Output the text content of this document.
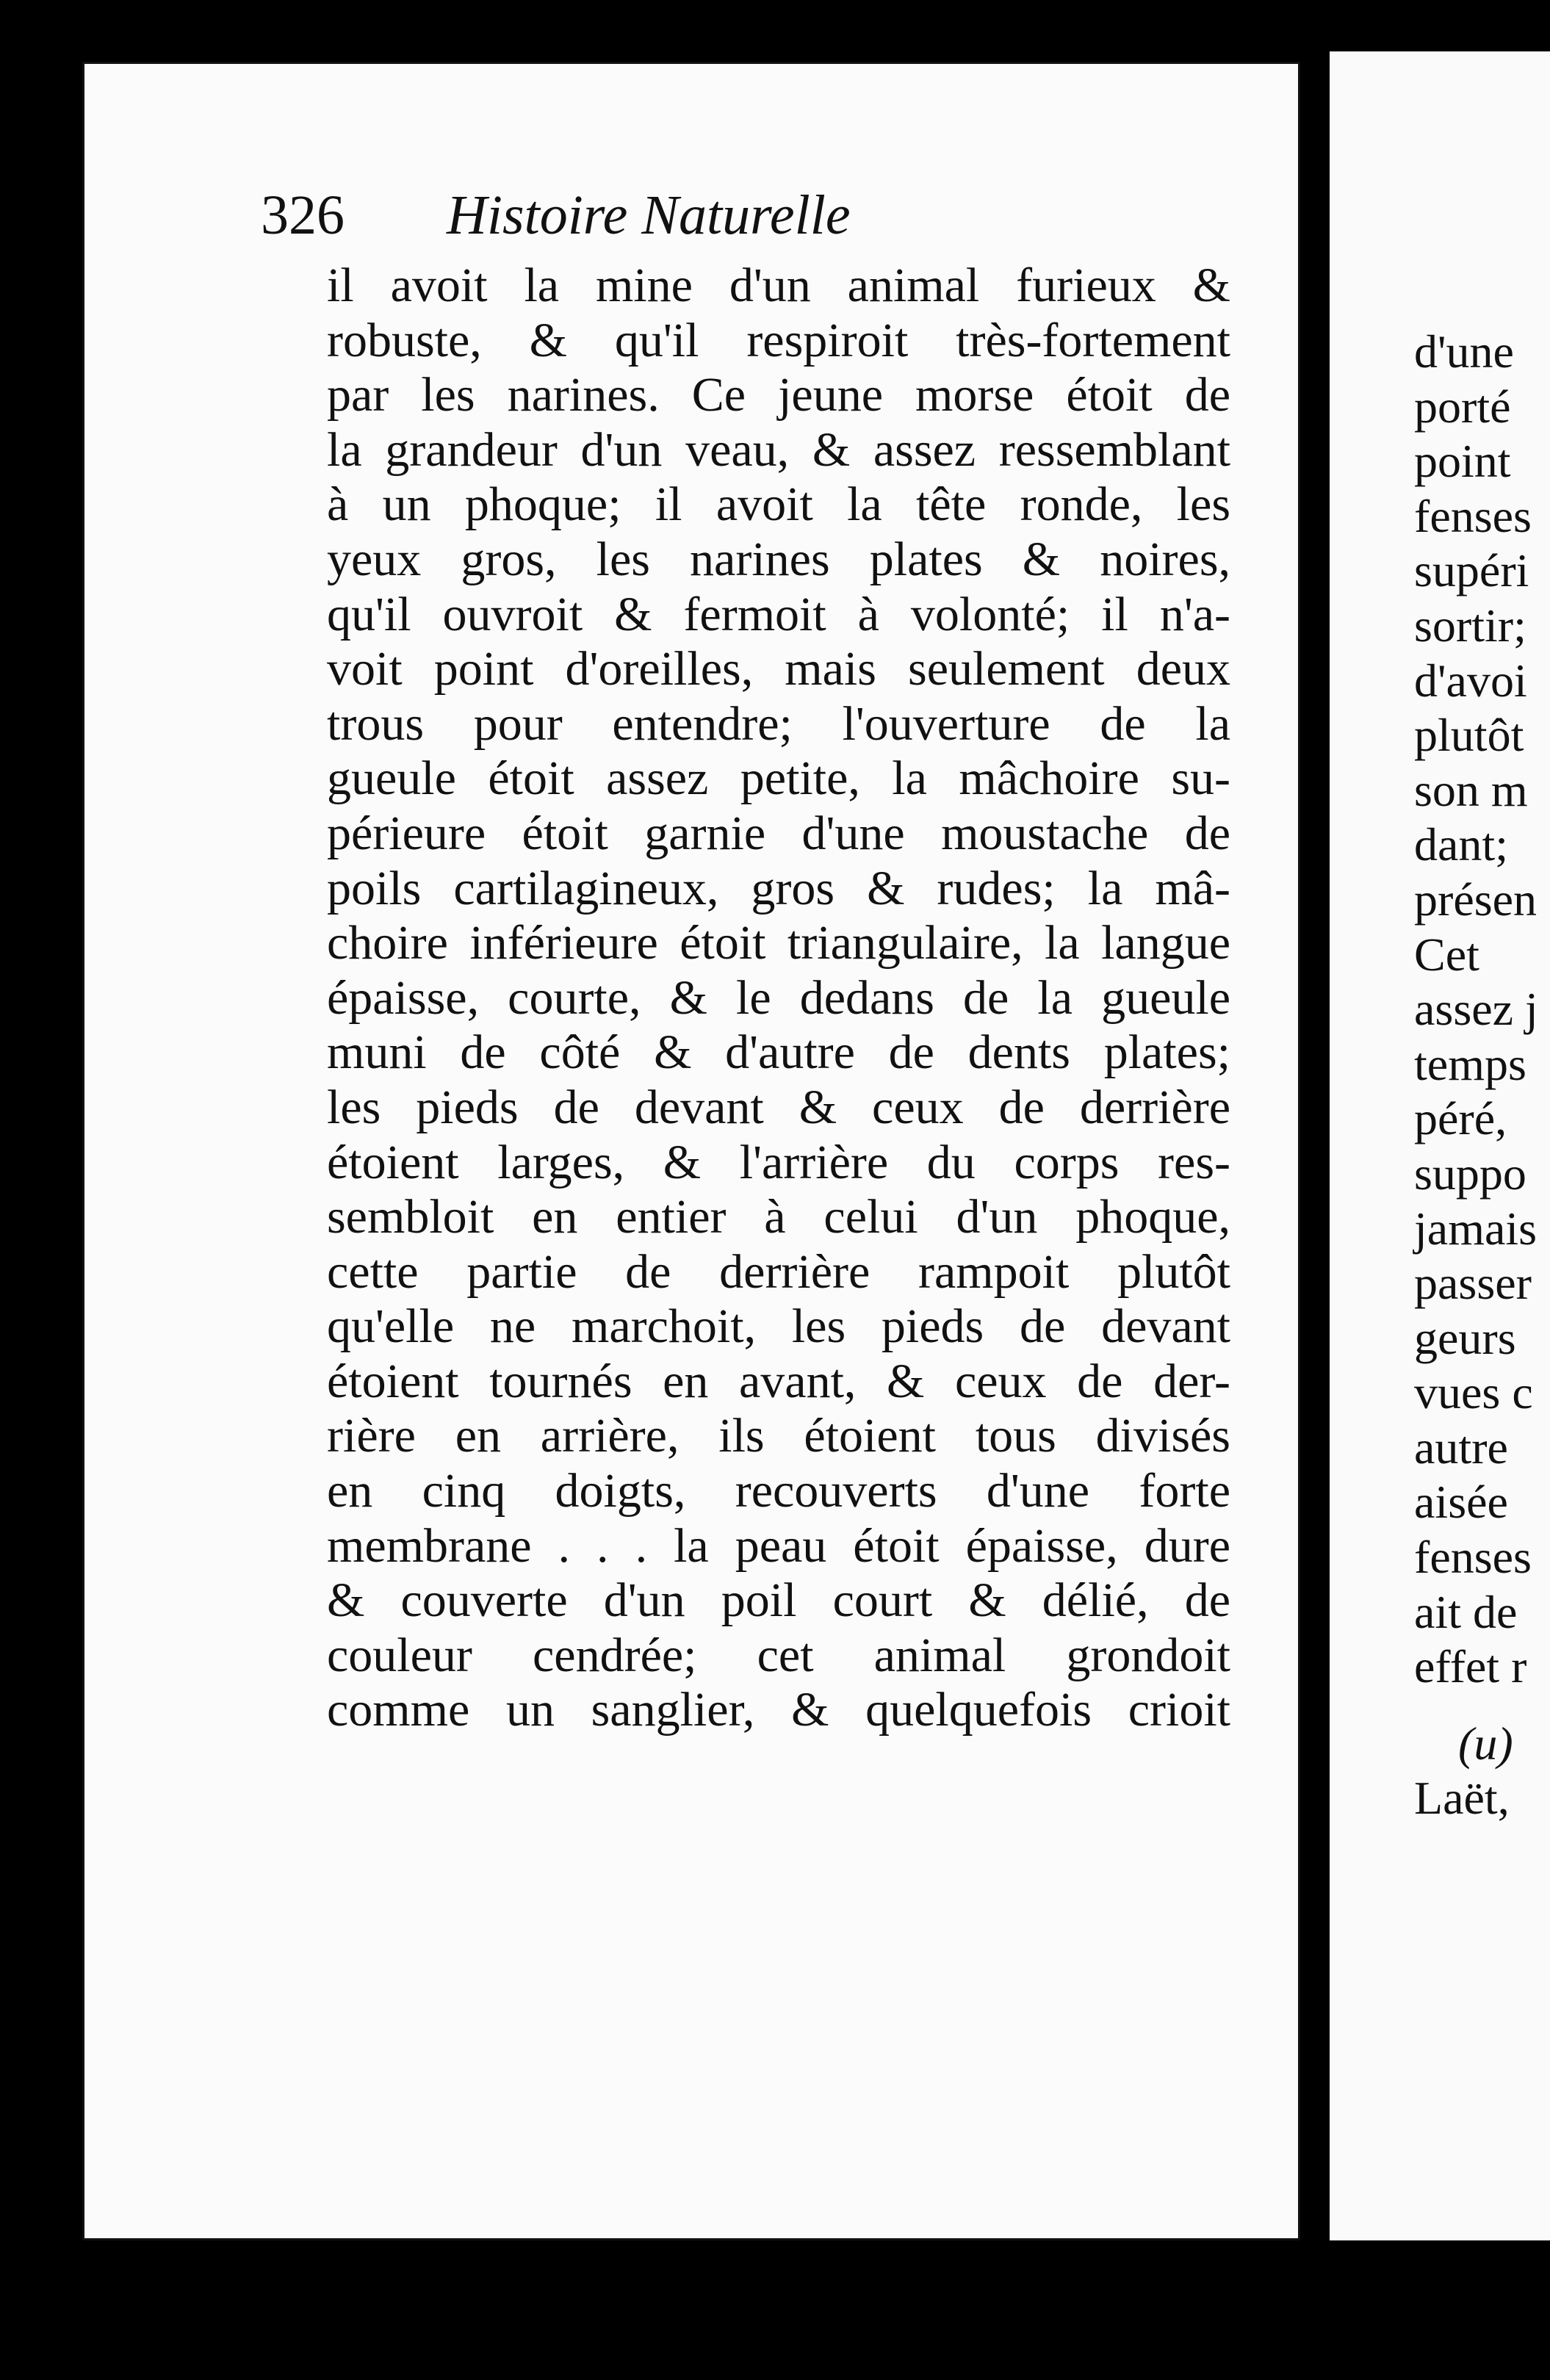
326 Histoire Naturelle
il avoit la mine d'un animal furieux &
robuste, & qu'il respiroit très-fortement
par les narines. Ce jeune morse étoit de
la grandeur d'un veau, & assez ressemblant
à un phoque; il avoit la tête ronde, les
yeux gros, les narines plates & noires,
qu'il ouvroit & fermoit à volonté; il n'a-
voit point d'oreilles, mais seulement deux
trous pour entendre; l'ouverture de la
gueule étoit assez petite, la mâchoire su-
périeure étoit garnie d'une moustache de
poils cartilagineux, gros & rudes; la mâ-
choire inférieure étoit triangulaire, la langue
épaisse, courte, & le dedans de la gueule
muni de côté & d'autre de dents plates;
les pieds de devant & ceux de derrière
étoient larges, & l'arrière du corps res-
sembloit en entier à celui d'un phoque,
cette partie de derrière rampoit plutôt
qu'elle ne marchoit, les pieds de devant
étoient tournés en avant, & ceux de der-
rière en arrière, ils étoient tous divisés
en cinq doigts, recouverts d'une forte
membrane . . . la peau étoit épaisse, dure
& couverte d'un poil court & délié, de
couleur cendrée; cet animal grondoit
comme un sanglier, & quelquefois crioit
d'une
porté
point
fenses
supéri
sortir;
d'avoi
plutôt
son m
dant;
présen
Cet
assez j
temps
péré,
suppo
jamais
passer
geurs
vues c
autre
aisée
fenses
ait de
effet r
(u)
Laët,
